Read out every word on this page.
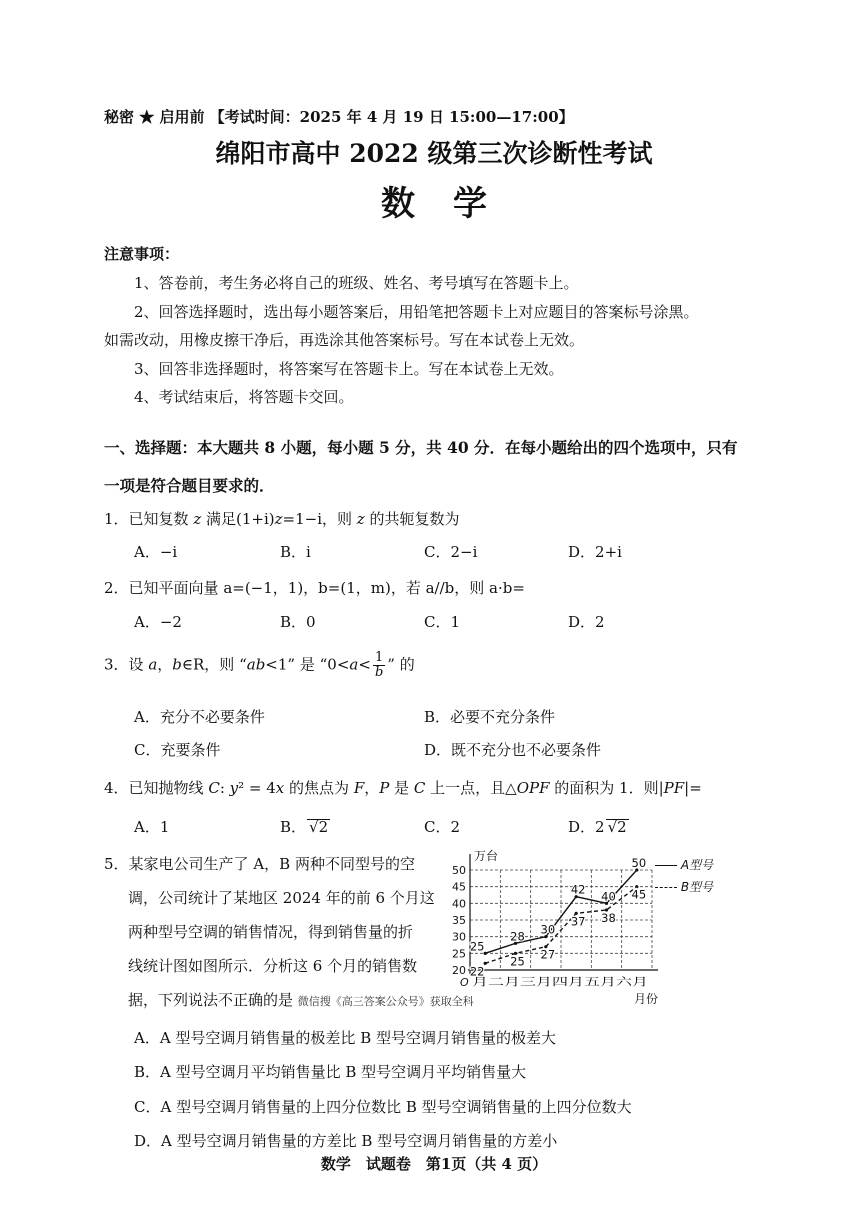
秘密 ★ 启用前 【考试时间：2025 年 4 月 19 日 15:00—17:00】
绵阳市高中 2022 级第三次诊断性考试
数学
注意事项：
1、答卷前，考生务必将自己的班级、姓名、考号填写在答题卡上。
2、回答选择题时，选出每小题答案后，用铅笔把答题卡上对应题目的答案标号涂黑。
如需改动，用橡皮擦干净后，再选涂其他答案标号。写在本试卷上无效。
3、回答非选择题时，将答案写在答题卡上。写在本试卷上无效。
4、考试结束后，将答题卡交回。
一、选择题：本大题共 8 小题，每小题 5 分，共 40 分．在每小题给出的四个选项中，只有
一项是符合题目要求的．
1．已知复数 z 满足(1+i)z=1−i，则 z 的共轭复数为
A．−i	B．i	C．2−i	D．2+i
2．已知平面向量 a=(−1，1)，b=(1，m)，若 a//b，则 a·b=
A．−2	B．0	C．1	D．2
3．设 a，b∈R，则 “ab<1” 是 “$0<a< \frac{1}{b}$ ” 的
A．充分不必要条件	B．必要不充分条件
C．充要条件	D．既不充分也不必要条件
4．已知抛物线 C: y² = 4x 的焦点为 F，P 是 C 上一点，且△OPF 的面积为 1．则|PF|=
A．1	B． √2	C．2	D．2 √2
5．某家电公司生产了 A，B 两种不同型号的空
调，公司统计了某地区 2024 年的前 6 个月这
两种型号空调的销售情况，得到销售量的折
线统计图如图所示．分析这 6 个月的销售数
据，下列说法不正确的是 微信搜《高三答案公众号》获取全科
20
25
30
35
40
45
50
万台
O 月二月三月四月五月六月
25
28 30
42 40
50
22
25 27
37 38
45
月份
A型号
B型号
A．A 型号空调月销售量的极差比 B 型号空调月销售量的极差大
B．A 型号空调月平均销售量比 B 型号空调月平均销售量大
C．A 型号空调月销售量的上四分位数比 B 型号空调销售量的上四分位数大
D．A 型号空调月销售量的方差比 B 型号空调月销售量的方差小
数学　试题卷　第1页（共 4 页）
